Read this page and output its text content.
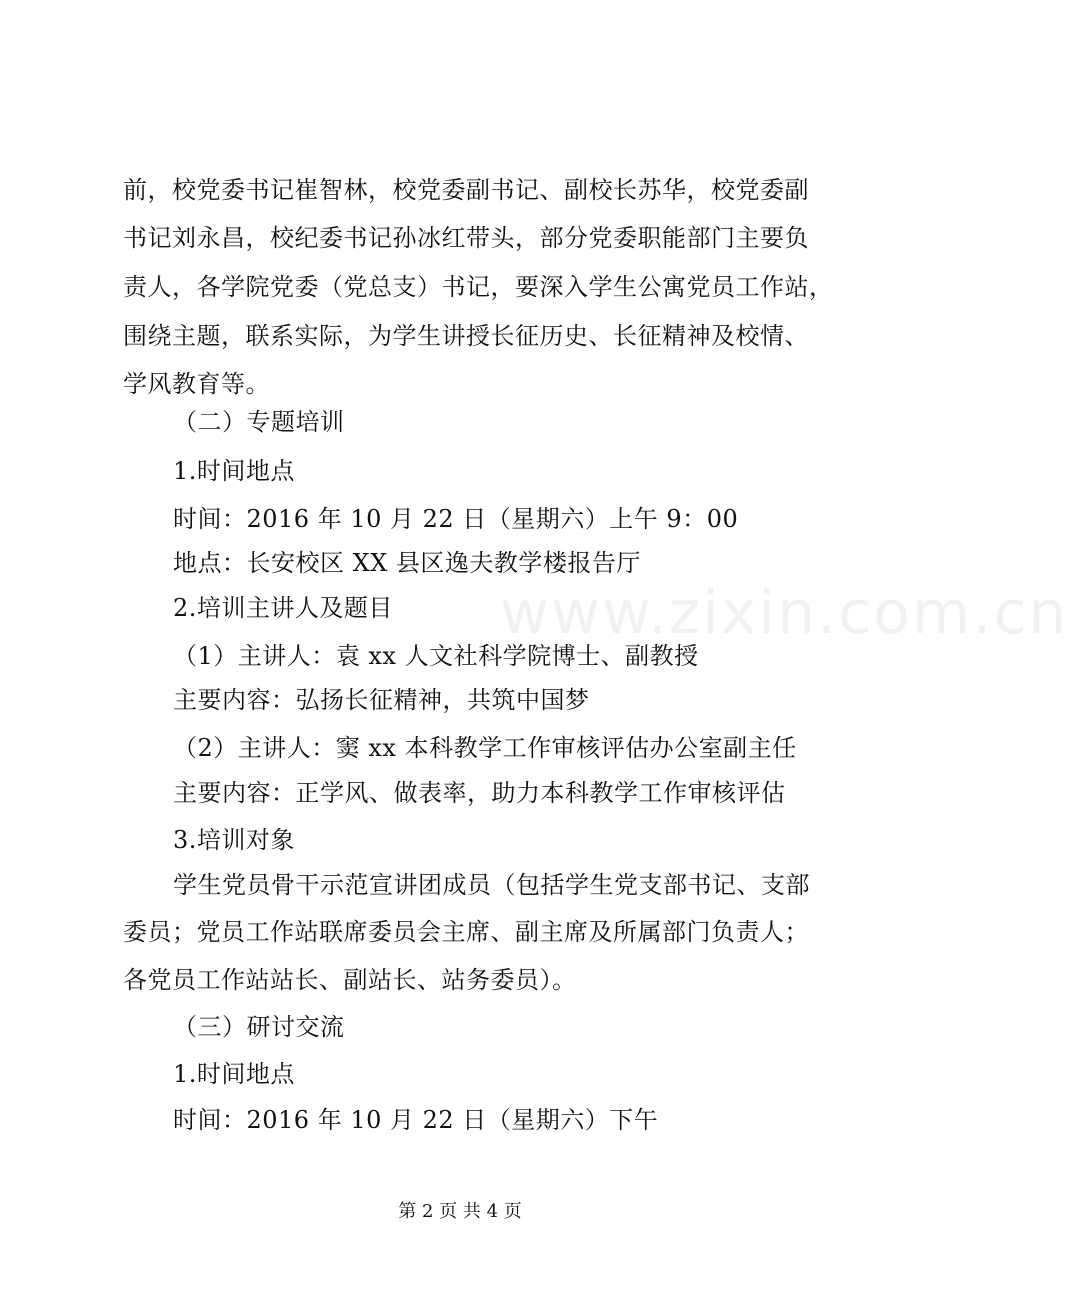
前，校党委书记崔智林，校党委副书记、副校长苏华，校党委副
书记刘永昌，校纪委书记孙冰红带头，部分党委职能部门主要负
责人，各学院党委（党总支）书记，要深入学生公寓党员工作站，
围绕主题，联系实际，为学生讲授长征历史、长征精神及校情、
学风教育等。
（二）专题培训
1.时间地点
时间：2016 年 10 月 22 日（星期六）上午 9：00
地点：长安校区 XX 县区逸夫教学楼报告厅
2.培训主讲人及题目
（1）主讲人：袁 xx 人文社科学院博士、副教授
主要内容：弘扬长征精神，共筑中国梦
（2）主讲人：窦 xx 本科教学工作审核评估办公室副主任
主要内容：正学风、做表率，助力本科教学工作审核评估
3.培训对象
学生党员骨干示范宣讲团成员（包括学生党支部书记、支部
委员；党员工作站联席委员会主席、副主席及所属部门负责人；
各党员工作站站长、副站长、站务委员）。
（三）研讨交流
1.时间地点
时间：2016 年 10 月 22 日（星期六）下午
www.zixin.com.cn
第 2 页 共 4 页
